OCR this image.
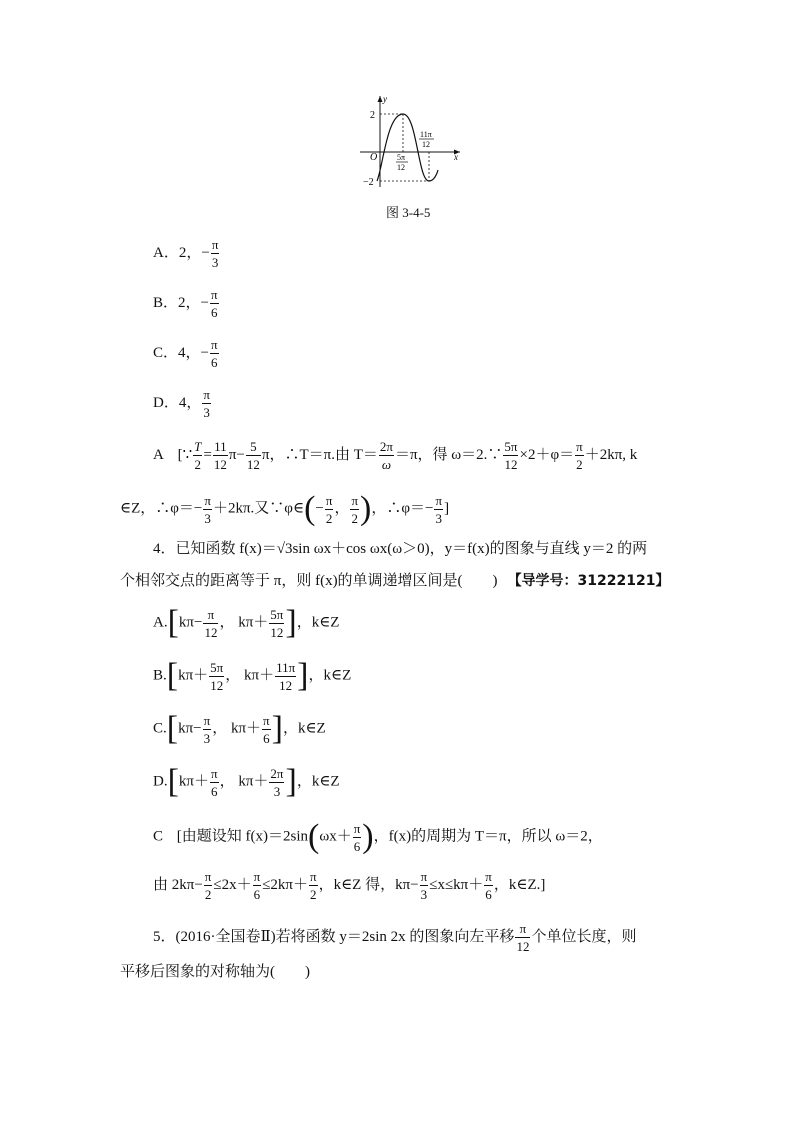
y
x
O
2
−2
5π
12
11π
12
图 3-4-5
A．2，− $\frac{\pi}{3}$
B．2，− $\frac{\pi}{6}$
C．4，− $\frac{\pi}{6}$
D．4， $\frac{\pi}{3}$
A [∵ $\frac{T}{2} = \frac{11}{12} \pi- \frac{5}{12}$ π，∴T＝π.由 $T= \frac{2\pi}{\omega} =\pi$，得 ω＝2.∵ $\frac{5\pi}{12} \times 2+\varphi= \frac{\pi}{2} +2k\pi$, k
∈Z，∴φ＝− $\frac{\pi}{3} +2k\pi$.又∵φ∈(− $\frac{\pi}{2}$ ， $\frac{\pi}{2}$ )，∴φ＝− $\frac{\pi}{3}$ ]
4．已知函数 f(x)＝√3sin ωx＋cos ωx(ω＞0)，y＝f(x)的图象与直线 y＝2 的两
个相邻交点的距离等于 π，则 f(x)的单调递增区间是(　　) 【导学号：31222121】
$A.[k\pi- \frac{\pi}{12}$ ， $k\pi+ \frac{5\pi}{12}$ ]，k∈Z
$B.[k\pi+ \frac{5\pi}{12}$ ， $k\pi+ \frac{11\pi}{12}$ ]，k∈Z
$C.[k\pi- \frac{\pi}{3}$ ， $k\pi+ \frac{\pi}{6}$ ]，k∈Z
$D.[k\pi+ \frac{\pi}{6}$ ， $k\pi+ \frac{2\pi}{3}$ ]，k∈Z
C [由题设知 $f(x)=2\sin(\omega x+ \frac{\pi}{6}$ )，f(x)的周期为 T＝π，所以 ω＝2，
由 $2k\pi- \frac{\pi}{2} \le 2x+ \frac{\pi}{6} \le 2k\pi+ \frac{\pi}{2}$ ，k∈Z 得，$k\pi- \frac{\pi}{3} \le x\le k\pi+ \frac{\pi}{6}$ ，k∈Z.]
5．(2016·全国卷Ⅱ)若将函数 y＝2sin 2x 的图象向左平移 $\frac{\pi}{12}$ 个单位长度，则
平移后图象的对称轴为(　　)
